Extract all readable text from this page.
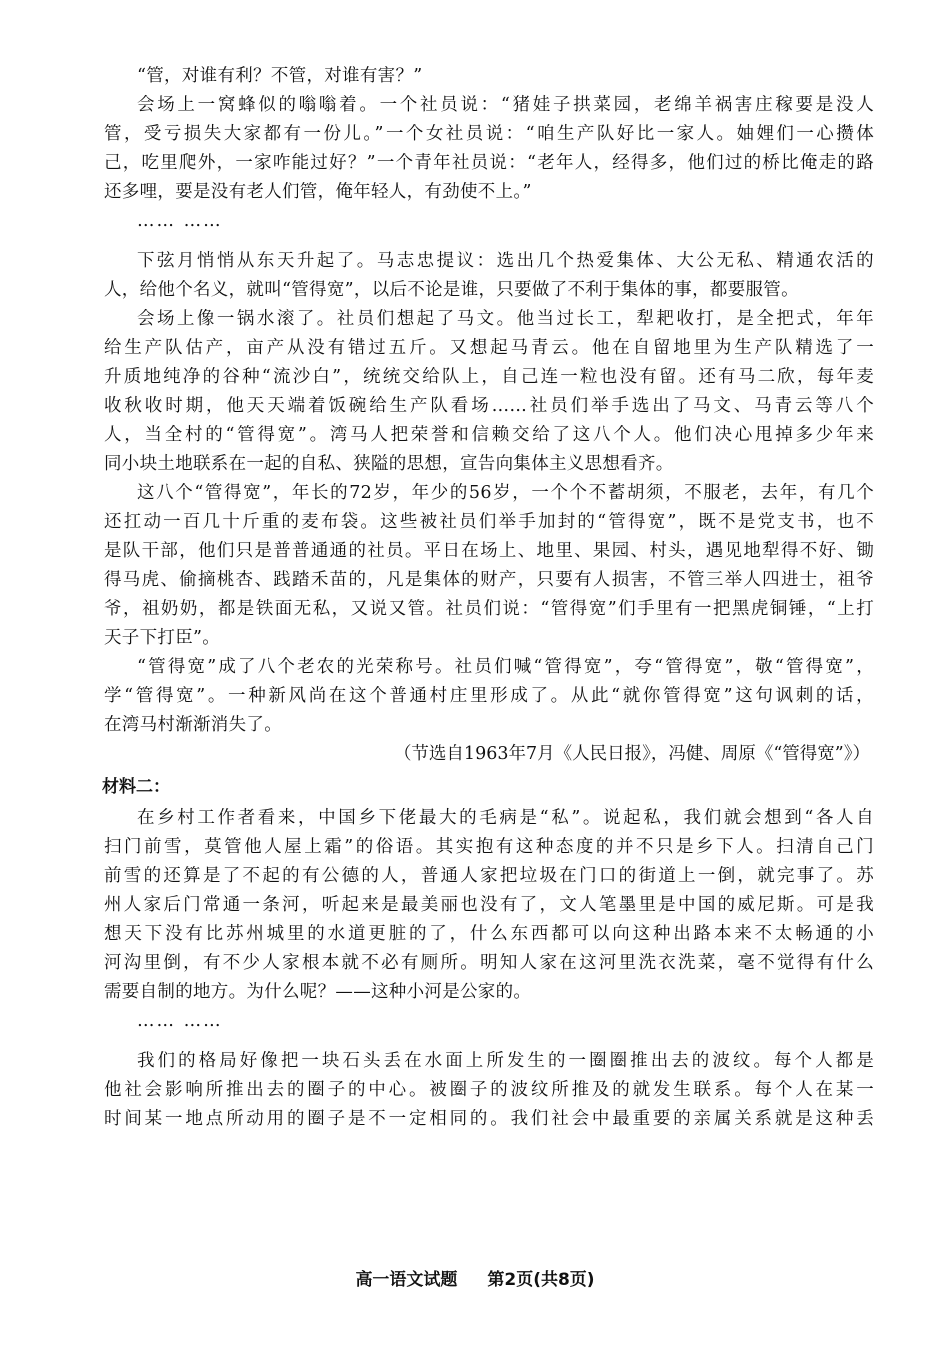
“管，对谁有利？不管，对谁有害？”
会场上一窝蜂似的嗡嗡着。一个社员说：“猪娃子拱菜园，老绵羊祸害庄稼要是没人
管，受亏损失大家都有一份儿。”一个女社员说：“咱生产队好比一家人。妯娌们一心攒体
己，吃里爬外，一家咋能过好？”一个青年社员说：“老年人，经得多，他们过的桥比俺走的路
还多哩，要是没有老人们管，俺年轻人，有劲使不上。”
…… ……
下弦月悄悄从东天升起了。马志忠提议：选出几个热爱集体、大公无私、精通农活的
人，给他个名义，就叫“管得宽”，以后不论是谁，只要做了不利于集体的事，都要服管。
会场上像一锅水滚了。社员们想起了马文。他当过长工，犁耙收打，是全把式，年年
给生产队估产，亩产从没有错过五斤。又想起马青云。他在自留地里为生产队精选了一
升质地纯净的谷种“流沙白”，统统交给队上，自己连一粒也没有留。还有马二欣，每年麦
收秋收时期，他天天端着饭碗给生产队看场……社员们举手选出了马文、马青云等八个
人，当全村的“管得宽”。湾马人把荣誉和信赖交给了这八个人。他们决心甩掉多少年来
同小块土地联系在一起的自私、狭隘的思想，宣告向集体主义思想看齐。
这八个“管得宽”，年长的72岁，年少的56岁，一个个不蓄胡须，不服老，去年，有几个
还扛动一百几十斤重的麦布袋。这些被社员们举手加封的“管得宽”，既不是党支书，也不
是队干部，他们只是普普通通的社员。平日在场上、地里、果园、村头，遇见地犁得不好、锄
得马虎、偷摘桃杏、践踏禾苗的，凡是集体的财产，只要有人损害，不管三举人四进士，祖爷
爷，祖奶奶，都是铁面无私，又说又管。社员们说：“管得宽”们手里有一把黑虎铜锤，“上打
天子下打臣”。
“管得宽”成了八个老农的光荣称号。社员们喊“管得宽”，夸“管得宽”，敬“管得宽”，
学“管得宽”。一种新风尚在这个普通村庄里形成了。从此“就你管得宽”这句讽刺的话，
在湾马村渐渐消失了。
（节选自1963年7月《人民日报》，冯健、周原《“管得宽”》）
材料二：
在乡村工作者看来，中国乡下佬最大的毛病是“私”。说起私，我们就会想到“各人自
扫门前雪，莫管他人屋上霜”的俗语。其实抱有这种态度的并不只是乡下人。扫清自己门
前雪的还算是了不起的有公德的人，普通人家把垃圾在门口的街道上一倒，就完事了。苏
州人家后门常通一条河，听起来是最美丽也没有了，文人笔墨里是中国的威尼斯。可是我
想天下没有比苏州城里的水道更脏的了，什么东西都可以向这种出路本来不太畅通的小
河沟里倒，有不少人家根本就不必有厕所。明知人家在这河里洗衣洗菜，毫不觉得有什么
需要自制的地方。为什么呢？——这种小河是公家的。
…… ……
我们的格局好像把一块石头丢在水面上所发生的一圈圈推出去的波纹。每个人都是
他社会影响所推出去的圈子的中心。被圈子的波纹所推及的就发生联系。每个人在某一
时间某一地点所动用的圈子是不一定相同的。我们社会中最重要的亲属关系就是这种丢
高一语文试题 第2页(共8页)
